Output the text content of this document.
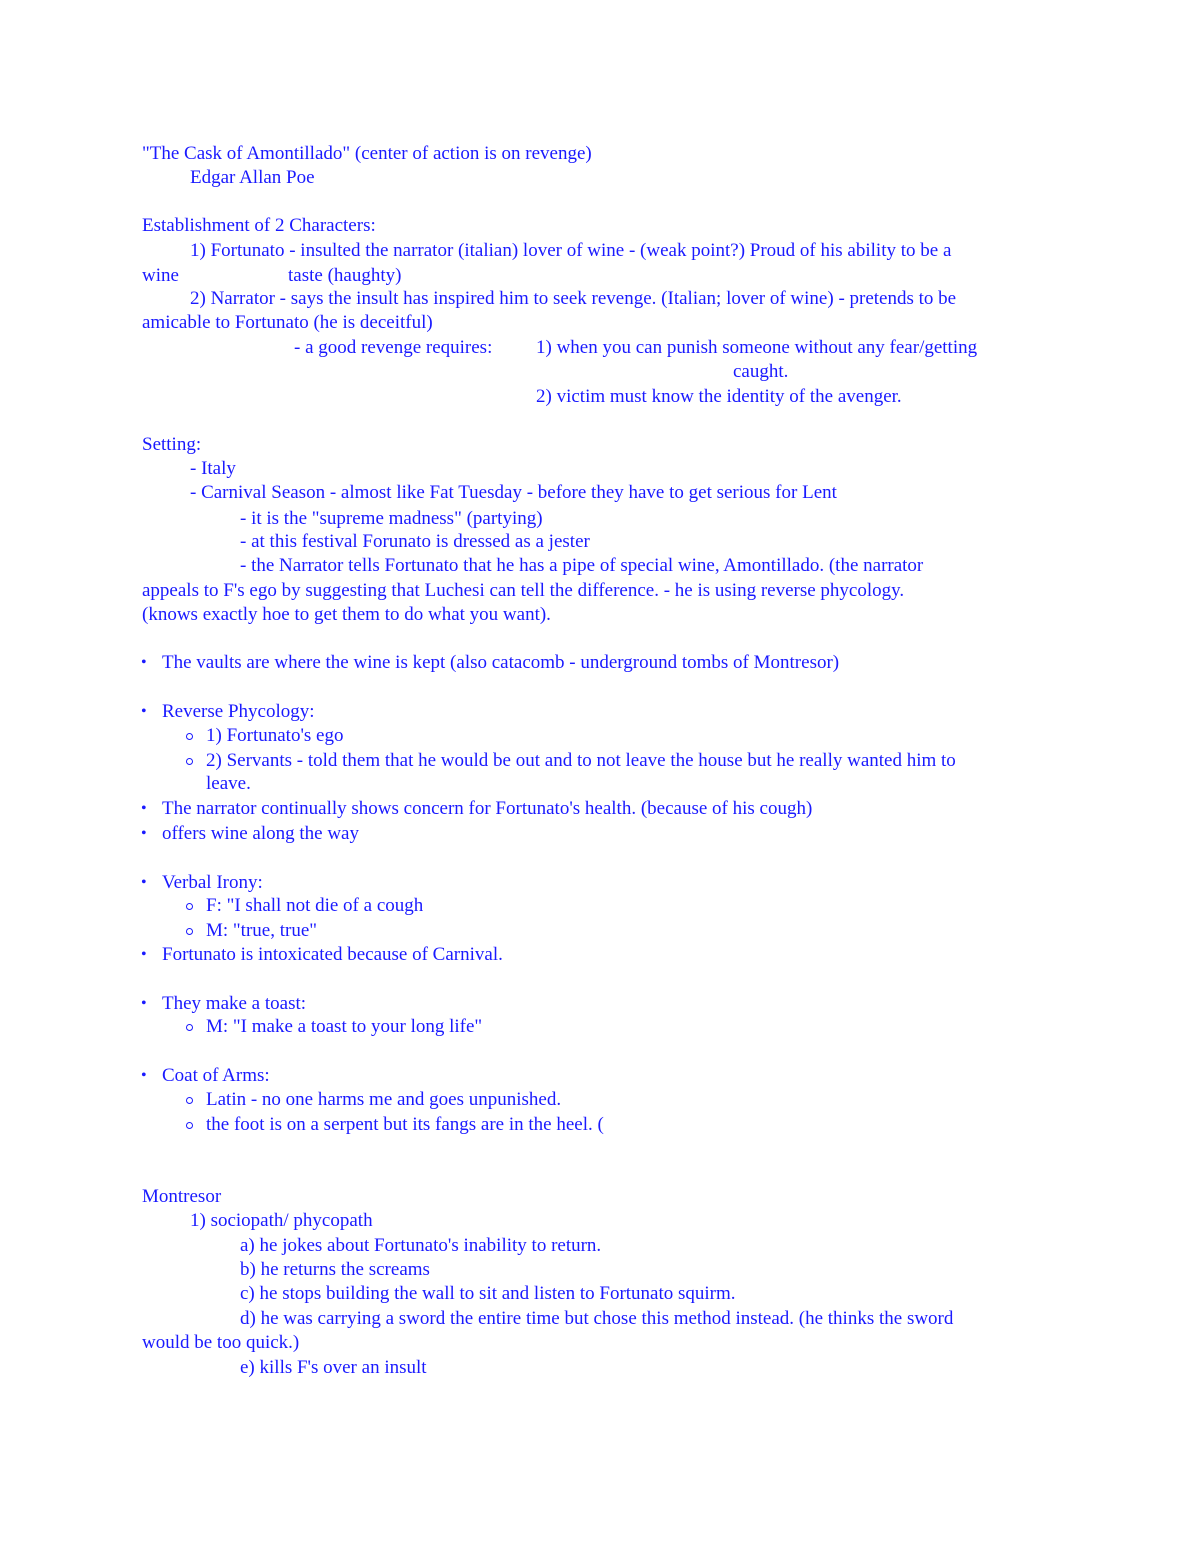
"The Cask of Amontillado" (center of action is on revenge)
Edgar Allan Poe
Establishment of 2 Characters:
1) Fortunato - insulted the narrator (italian) lover of wine - (weak point?) Proud of his ability to be a
wine	taste (haughty)
2) Narrator - says the insult has inspired him to seek revenge. (Italian; lover of wine) - pretends to be
amicable to Fortunato (he is deceitful)
- a good revenge requires: 1) when you can punish someone without any fear/getting
caught.
2) victim must know the identity of the avenger.
Setting:
- Italy
- Carnival Season - almost like Fat Tuesday - before they have to get serious for Lent
- it is the "supreme madness" (partying)
- at this festival Forunato is dressed as a jester
- the Narrator tells Fortunato that he has a pipe of special wine, Amontillado. (the narrator
appeals to F's ego by suggesting that Luchesi can tell the difference. - he is using reverse phycology.
(knows exactly hoe to get them to do what you want).
• The vaults are where the wine is kept (also catacomb - underground tombs of Montresor)
• Reverse Phycology:
1) Fortunato's ego
2) Servants - told them that he would be out and to not leave the house but he really wanted him to
leave.
• The narrator continually shows concern for Fortunato's health. (because of his cough)
• offers wine along the way
• Verbal Irony:
F: "I shall not die of a cough
M: "true, true"
• Fortunato is intoxicated because of Carnival.
• They make a toast:
M: "I make a toast to your long life"
• Coat of Arms:
Latin - no one harms me and goes unpunished.
the foot is on a serpent but its fangs are in the heel. (
Montresor
1) sociopath/ phycopath
a) he jokes about Fortunato's inability to return.
b) he returns the screams
c) he stops building the wall to sit and listen to Fortunato squirm.
d) he was carrying a sword the entire time but chose this method instead. (he thinks the sword
would be too quick.)
e) kills F's over an insult
